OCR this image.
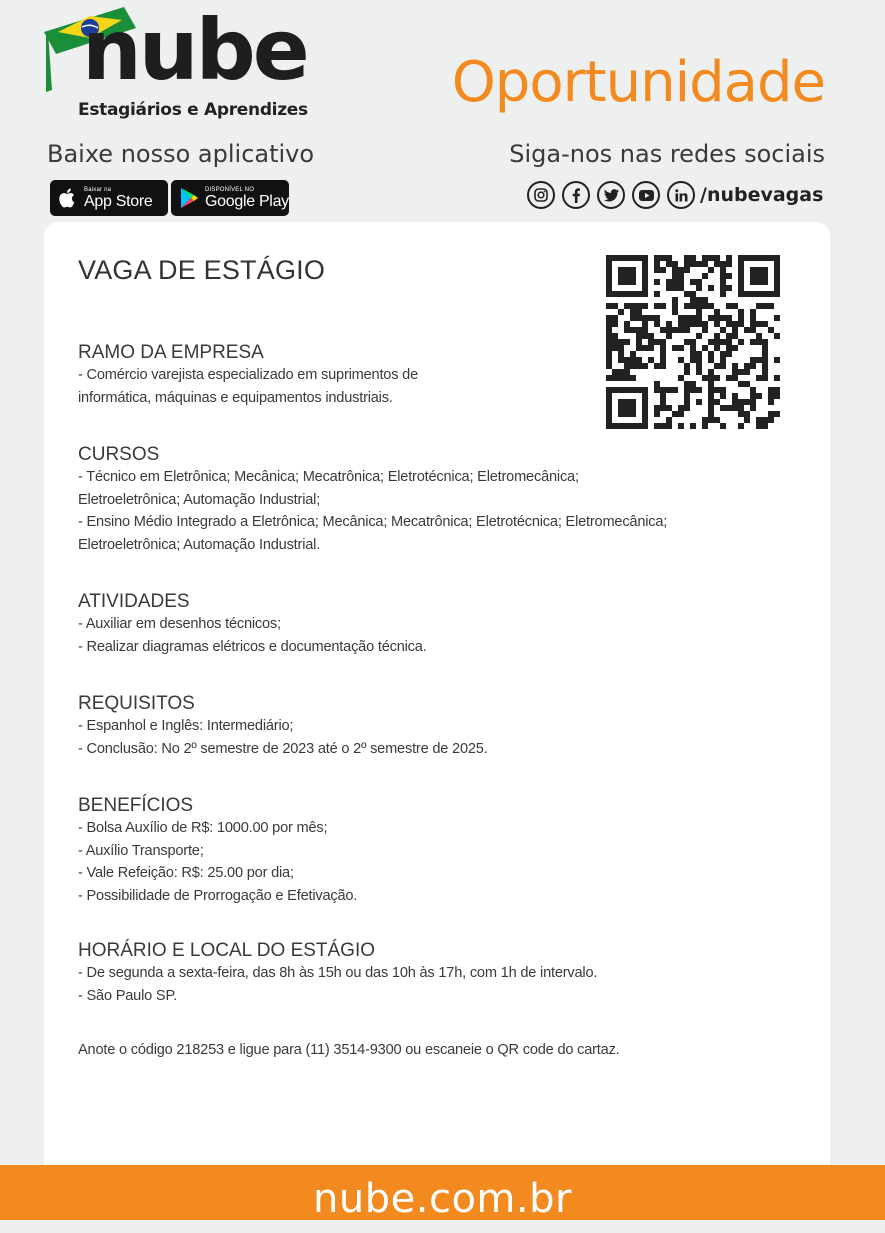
nube
Estagiários e Aprendizes	Oportunidade
Baixe nosso aplicativo	Siga-nos nas redes sociais
Baixar na
App Store
DISPONÍVEL NO
Google Play	/nubevagas
VAGA DE ESTÁGIO
RAMO DA EMPRESA
- Comércio varejista especializado em suprimentos de
informática, máquinas e equipamentos industriais.
CURSOS
- Técnico em Eletrônica; Mecânica; Mecatrônica; Eletrotécnica; Eletromecânica;
Eletroeletrônica; Automação Industrial;
- Ensino Médio Integrado a Eletrônica; Mecânica; Mecatrônica; Eletrotécnica; Eletromecânica;
Eletroeletrônica; Automação Industrial.
ATIVIDADES
- Auxiliar em desenhos técnicos;
- Realizar diagramas elétricos e documentação técnica.
REQUISITOS
- Espanhol e Inglês: Intermediário;
- Conclusão: No 2º semestre de 2023 até o 2º semestre de 2025.
BENEFÍCIOS
- Bolsa Auxílio de R$: 1000.00 por mês;
- Auxílio Transporte;
- Vale Refeição: R$: 25.00 por dia;
- Possibilidade de Prorrogação e Efetivação.
HORÁRIO E LOCAL DO ESTÁGIO
- De segunda a sexta-feira, das 8h às 15h ou das 10h às 17h, com 1h de intervalo.
- São Paulo SP.
Anote o código 218253 e ligue para (11) 3514-9300 ou escaneie o QR code do cartaz.
nube.com.br
